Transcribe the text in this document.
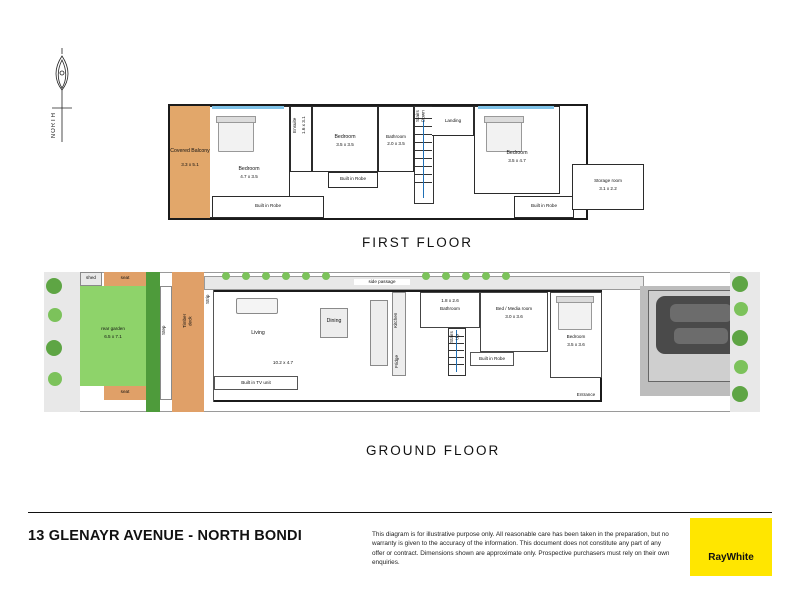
NORTH
Covered Balcony
3.3 x 5.1
Bedroom
4.7 x 3.5
Built in Robe
Ensuite 1.6 x 3.1
Bedroom
3.5 x 3.5
Built in Robe
Bathroom
2.0 x 3.5
Stairs Down	Landing
Bedroom
3.5 x 4.7
Built in Robe
Storage room
3.1 x 2.2
FIRST FLOOR
shed	seat
rear garden
6.5 x 7.1
seat
Step
Timber deck
Strip
side passage
Living
Dining	Kitchen
Fridge
10.2 x 4.7
Built in TV unit
1.8 x 2.6
Bathroom	Bed / Media room
3.0 x 3.6
Stairs Up
Built in Robe
Bedroom
3.5 x 3.6
Entrance
GROUND FLOOR
13 GLENAYR AVENUE - NORTH BONDI	This diagram is for illustrative purpose only. All reasonable care has been taken in the preparation, but no warranty is given to the accuracy of the information. This document does not constitute any part of any offer or contract. Dimensions shown are approximate only. Prospective purchasers must rely on their own enquiries.	RayWhite
